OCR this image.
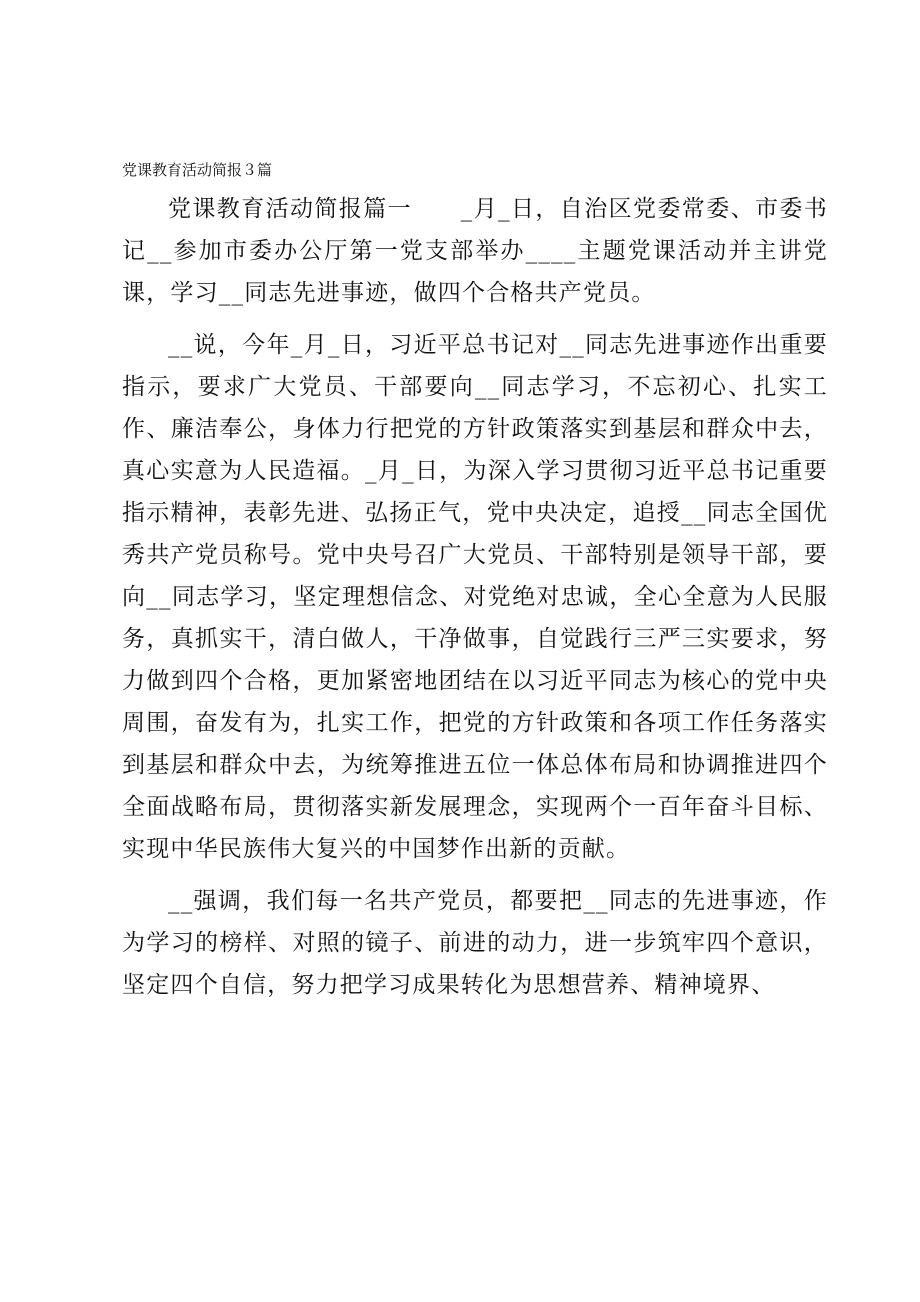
党课教育活动简报３篇

党课教育活动简报篇一　　_月_日，自治区党委常委、市委书记__参加市委办公厅第一党支部举办____主题党课活动并主讲党课，学习__同志先进事迹，做四个合格共产党员。

__说，今年_月_日，习近平总书记对__同志先进事迹作出重要指示，要求广大党员、干部要向__同志学习，不忘初心、扎实工作、廉洁奉公，身体力行把党的方针政策落实到基层和群众中去，真心实意为人民造福。_月_日，为深入学习贯彻习近平总书记重要指示精神，表彰先进、弘扬正气，党中央决定，追授__同志全国优秀共产党员称号。党中央号召广大党员、干部特别是领导干部，要向__同志学习，坚定理想信念、对党绝对忠诚，全心全意为人民服务，真抓实干，清白做人，干净做事，自觉践行三严三实要求，努力做到四个合格，更加紧密地团结在以习近平同志为核心的党中央周围，奋发有为，扎实工作，把党的方针政策和各项工作任务落实到基层和群众中去，为统筹推进五位一体总体布局和协调推进四个全面战略布局，贯彻落实新发展理念，实现两个一百年奋斗目标、实现中华民族伟大复兴的中国梦作出新的贡献。

__强调，我们每一名共产党员，都要把__同志的先进事迹，作为学习的榜样、对照的镜子、前进的动力，进一步筑牢四个意识，坚定四个自信，努力把学习成果转化为思想营养、精神境界、
